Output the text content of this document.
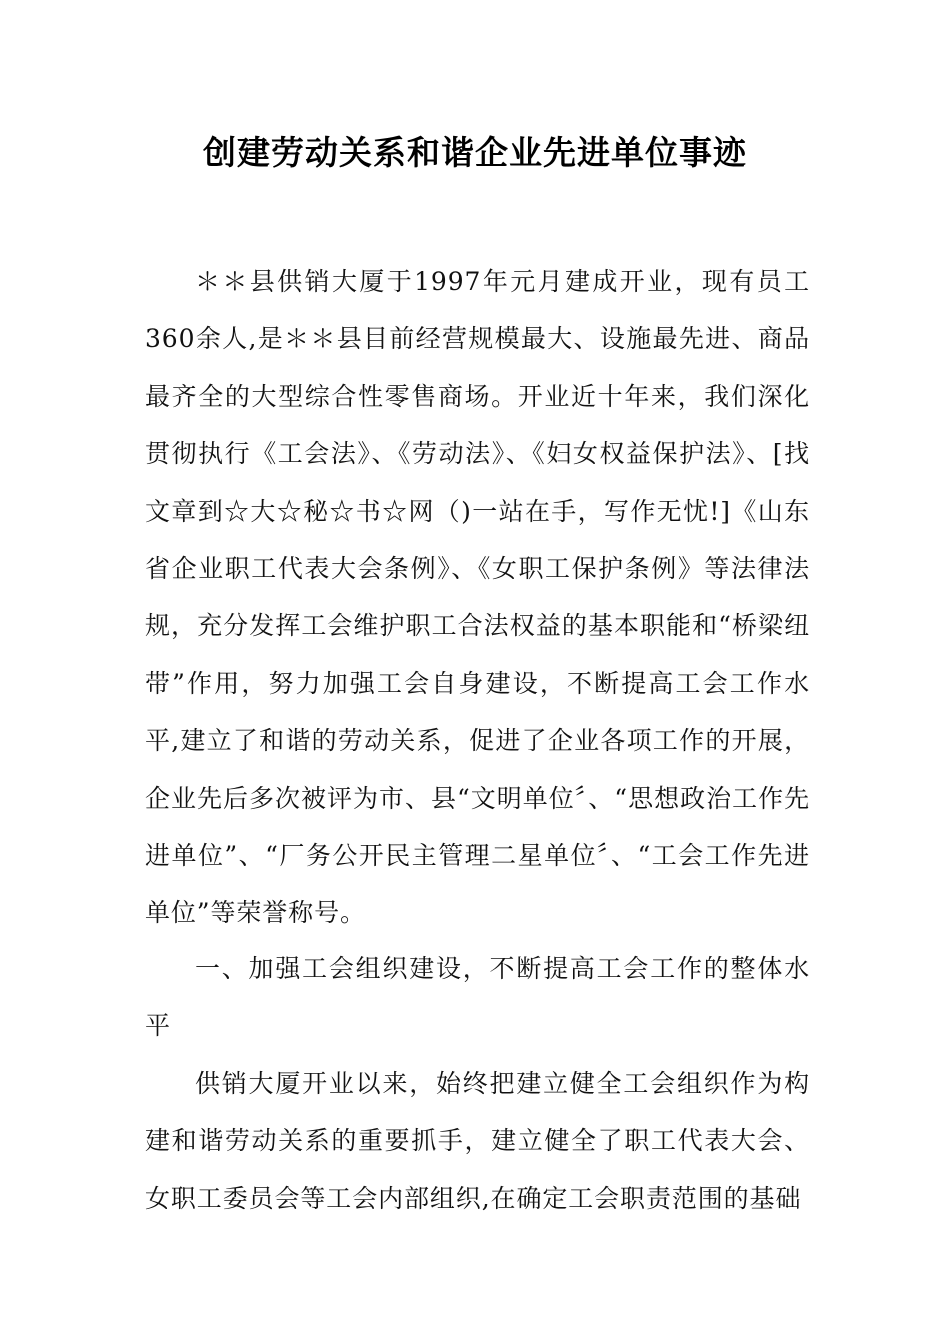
创建劳动关系和谐企业先进单位事迹

＊＊县供销大厦于1997年元月建成开业，现有员工360余人,是＊＊县目前经营规模最大、设施最先进、商品最齐全的大型综合性零售商场。开业近十年来，我们深化贯彻执行《工会法》、《劳动法》、《妇女权益保护法》、[找文章到☆大☆秘☆书☆网（)一站在手，写作无忧!]《山东省企业职工代表大会条例》、《女职工保护条例》等法律法规，充分发挥工会维护职工合法权益的基本职能和“桥梁纽带”作用，努力加强工会自身建设，不断提高工会工作水平,建立了和谐的劳动关系，促进了企业各项工作的开展，企业先后多次被评为市、县“文明单位〞、“思想政治工作先进单位”、“厂务公开民主管理二星单位〞、“工会工作先进单位”等荣誉称号。

一、加强工会组织建设，不断提高工会工作的整体水平

供销大厦开业以来，始终把建立健全工会组织作为构建和谐劳动关系的重要抓手，建立健全了职工代表大会、女职工委员会等工会内部组织,在确定工会职责范围的基础
